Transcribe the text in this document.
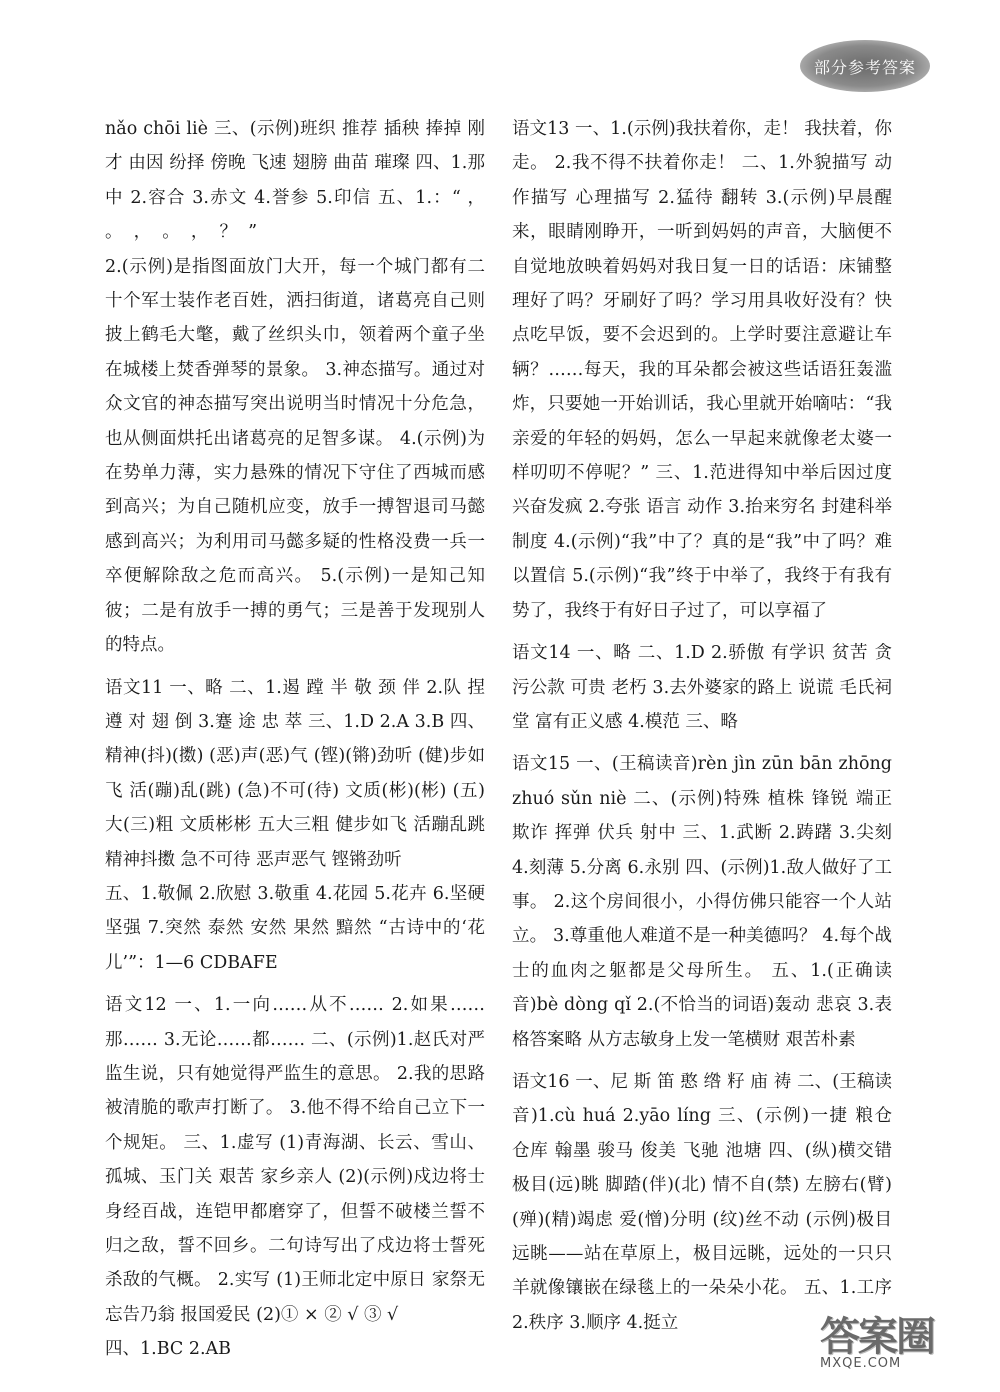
部分参考答案

nǎo chōi liè 三、(示例)班织 推荐 插秧 捧掉 刚才 由因 纷择 傍晚 飞速 翅膀 曲苗 璀璨 四、1.那中 2.容合 3.赤文 4.誉参 5.印信 五、1.：“ ，  。  ，  。  ，  ？  ”

2.(示例)是指图面放门大开，每一个城门都有二十个军士装作老百姓，洒扫街道，诸葛亮自己则披上鹤毛大氅，戴了丝织头巾，领着两个童子坐在城楼上焚香弹琴的景象。 3.神态描写。通过对众文官的神态描写突出说明当时情况十分危急，也从侧面烘托出诸葛亮的足智多谋。 4.(示例)为在势单力薄，实力悬殊的情况下守住了西城而感到高兴；为自己随机应变，放手一搏智退司马懿感到高兴；为利用司马懿多疑的性格没费一兵一卒便解除敌之危而高兴。 5.(示例)一是知己知彼；二是有放手一搏的勇气；三是善于发现别人的特点。

语文11 一、略 二、1.遏 蹚 半 敬 颈 伴 2.队 捏 遵 对 翅 倒 3.蹇 途 忠 萃 三、1.D 2.A 3.B 四、精神(抖)(擞) (恶)声(恶)气 (铿)(锵)劲听 (健)步如飞 活(蹦)乱(跳) (急)不可(待) 文质(彬)(彬) (五)大(三)粗 文质彬彬 五大三粗 健步如飞 活蹦乱跳 精神抖擞 急不可待 恶声恶气 铿锵劲听

五、1.敬佩 2.欣慰 3.敬重 4.花园 5.花卉 6.坚硬 坚强 7.突然 泰然 安然 果然 黯然 “古诗中的‘花儿’”：1—6 CDBAFE

语文12 一、1.一向……从不…… 2.如果……那…… 3.无论……都…… 二、(示例)1.赵氏对严监生说，只有她觉得严监生的意思。 2.我的思路被清脆的歌声打断了。 3.他不得不给自己立下一个规矩。 三、1.虚写 (1)青海湖、长云、雪山、孤城、玉门关 艰苦 家乡亲人 (2)(示例)戍边将士身经百战，连铠甲都磨穿了，但誓不破楼兰誓不归之敌，誓不回乡。二句诗写出了戍边将士誓死杀敌的气概。 2.实写 (1)王师北定中原日 家祭无忘告乃翁 报国爱民 (2)① × ② √ ③ √

四、1.BC 2.AB

语文13 一、1.(示例)我扶着你，走！ 我扶着，你走。 2.我不得不扶着你走！ 二、1.外貌描写 动作描写 心理描写 2.猛待 翻转 3.(示例)早晨醒来，眼睛刚睁开，一听到妈妈的声音，大脑便不自觉地放映着妈妈对我日复一日的话语：床铺整理好了吗？牙刷好了吗？学习用具收好没有？快点吃早饭，要不会迟到的。上学时要注意避让车辆？……每天，我的耳朵都会被这些话语狂轰滥炸，只要她一开始训话，我心里就开始嘀咕：“我亲爱的年轻的妈妈，怎么一早起来就像老太婆一样叨叨不停呢？” 三、1.范进得知中举后因过度兴奋发疯 2.夸张 语言 动作 3.抬来穷名 封建科举制度 4.(示例)“我”中了？真的是“我”中了吗？难以置信 5.(示例)“我”终于中举了，我终于有我有势了，我终于有好日子过了，可以享福了

语文14 一、略 二、1.D 2.骄傲 有学识 贫苦 贪污公款 可贵 老朽 3.去外婆家的路上 说谎 毛氏祠堂 富有正义感 4.模范 三、略

语文15 一、(王稿读音)rèn jìn zūn bān zhōng zhuó sǔn niè 二、(示例)特殊 植株 锋锐 端正 欺诈 挥弹 伏兵 射中 三、1.武断 2.踌躇 3.尖刻 4.刻薄 5.分离 6.永别 四、(示例)1.敌人做好了工事。 2.这个房间很小，小得仿佛只能容一个人站立。 3.尊重他人难道不是一种美德吗？ 4.每个战士的血肉之躯都是父母所生。 五、1.(正确读音)bè dòng qǐ 2.(不恰当的词语)轰动 悲哀 3.表格答案略 从方志敏身上发一笔横财 艰苦朴素

语文16 一、尼 斯 笛 憨 绺 籽 庙 祷 二、(王稿读音)1.cù huá 2.yāo líng 三、(示例)一捷 粮仓 仓库 翰墨 骏马 俊美 飞驰 池塘 四、(纵)横交错 极目(远)眺 脚踏(伴)(北) 情不自(禁) 左膀右(臂) (殚)(精)竭虑 爱(憎)分明 (纹)丝不动 (示例)极目远眺——站在草原上，极目远眺，远处的一只只羊就像镶嵌在绿毯上的一朵朵小花。 五、1.工序 2.秩序 3.顺序 4.挺立	答案圈
MXQE.COM
